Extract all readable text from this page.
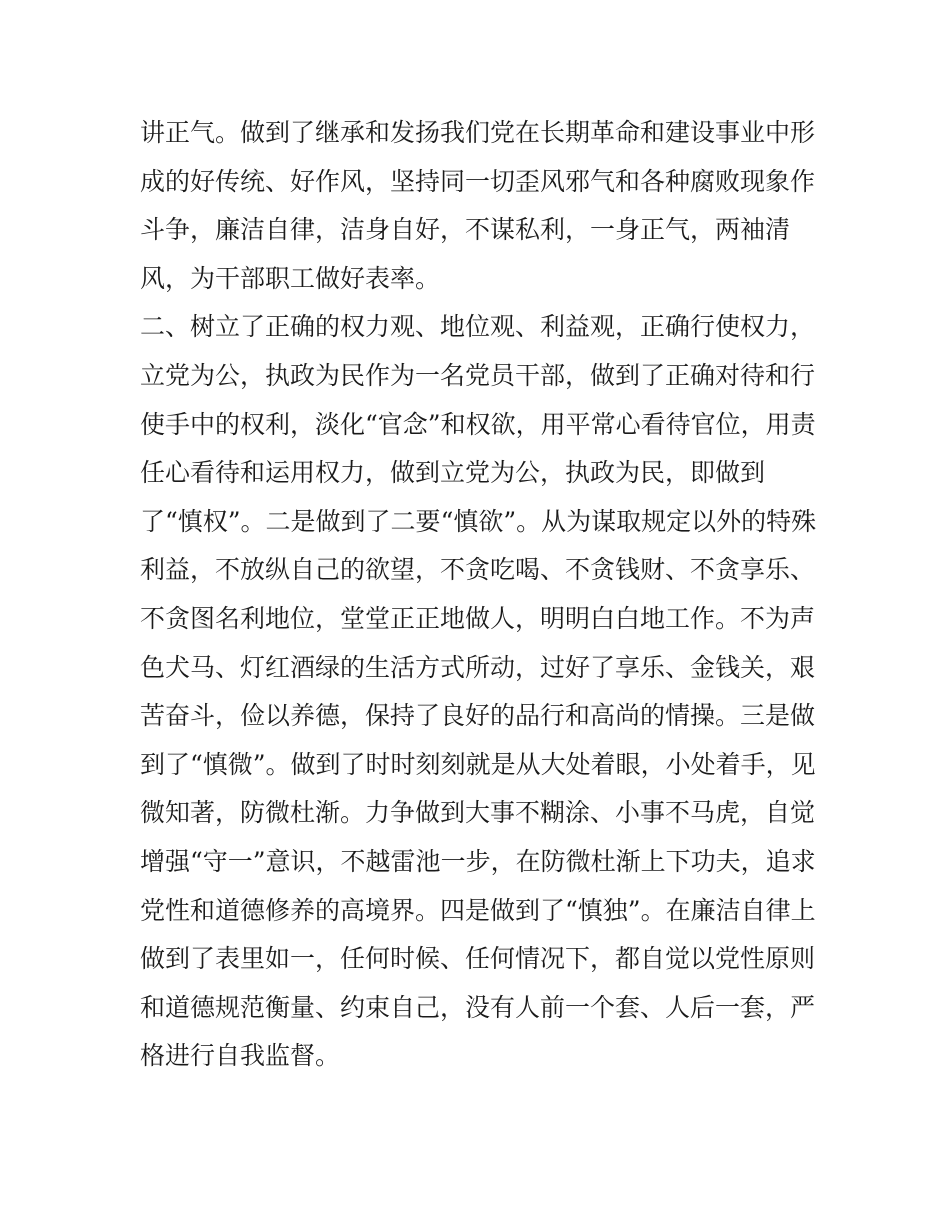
讲正气。做到了继承和发扬我们党在长期革命和建设事业中形
成的好传统、好作风，坚持同一切歪风邪气和各种腐败现象作
斗争，廉洁自律，洁身自好，不谋私利，一身正气，两袖清
风，为干部职工做好表率。
二、树立了正确的权力观、地位观、利益观，正确行使权力，
立党为公，执政为民作为一名党员干部，做到了正确对待和行
使手中的权利，淡化“官念”和权欲，用平常心看待官位，用责
任心看待和运用权力，做到立党为公，执政为民，即做到
了“慎权”。二是做到了二要“慎欲”。从为谋取规定以外的特殊
利益，不放纵自己的欲望，不贪吃喝、不贪钱财、不贪享乐、
不贪图名利地位，堂堂正正地做人，明明白白地工作。不为声
色犬马、灯红酒绿的生活方式所动，过好了享乐、金钱关，艰
苦奋斗，俭以养德，保持了良好的品行和高尚的情操。三是做
到了“慎微”。做到了时时刻刻就是从大处着眼，小处着手，见
微知著，防微杜渐。力争做到大事不糊涂、小事不马虎，自觉
增强“守一”意识，不越雷池一步，在防微杜渐上下功夫，追求
党性和道德修养的高境界。四是做到了“慎独”。在廉洁自律上
做到了表里如一，任何时候、任何情况下，都自觉以党性原则
和道德规范衡量、约束自己，没有人前一个套、人后一套，严
格进行自我监督。
